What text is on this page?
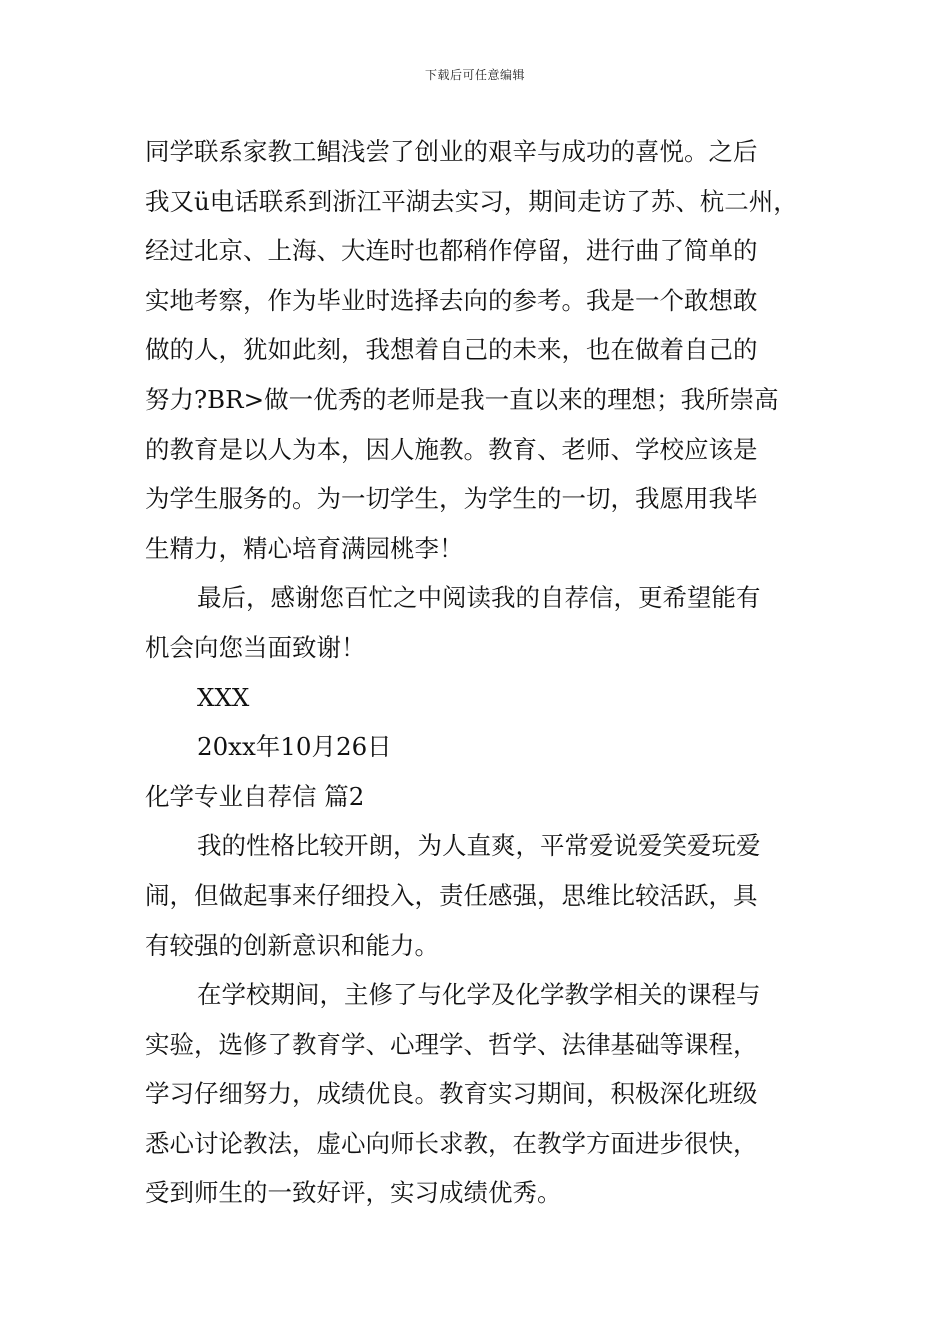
下载后可任意编辑
同学联系家教工鲳浅尝了创业的艰辛与成功的喜悦。之后
我又ü电话联系到浙江平湖去实习，期间走访了苏、杭二州，
经过北京、上海、大连时也都稍作停留，进行曲了简单的
实地考察，作为毕业时选择去向的参考。我是一个敢想敢
做的人，犹如此刻，我想着自己的未来，也在做着自己的
努力?BR>做一优秀的老师是我一直以来的理想；我所崇高
的教育是以人为本，因人施教。教育、老师、学校应该是
为学生服务的。为一切学生，为学生的一切，我愿用我毕
生精力，精心培育满园桃李！
最后，感谢您百忙之中阅读我的自荐信，更希望能有
机会向您当面致谢！
XXX
20xx年10月26日
化学专业自荐信 篇2
我的性格比较开朗，为人直爽，平常爱说爱笑爱玩爱
闹，但做起事来仔细投入，责任感强，思维比较活跃，具
有较强的创新意识和能力。
在学校期间，主修了与化学及化学教学相关的课程与
实验，选修了教育学、心理学、哲学、法律基础等课程，
学习仔细努力，成绩优良。教育实习期间，积极深化班级
悉心讨论教法，虚心向师长求教，在教学方面进步很快，
受到师生的一致好评，实习成绩优秀。
